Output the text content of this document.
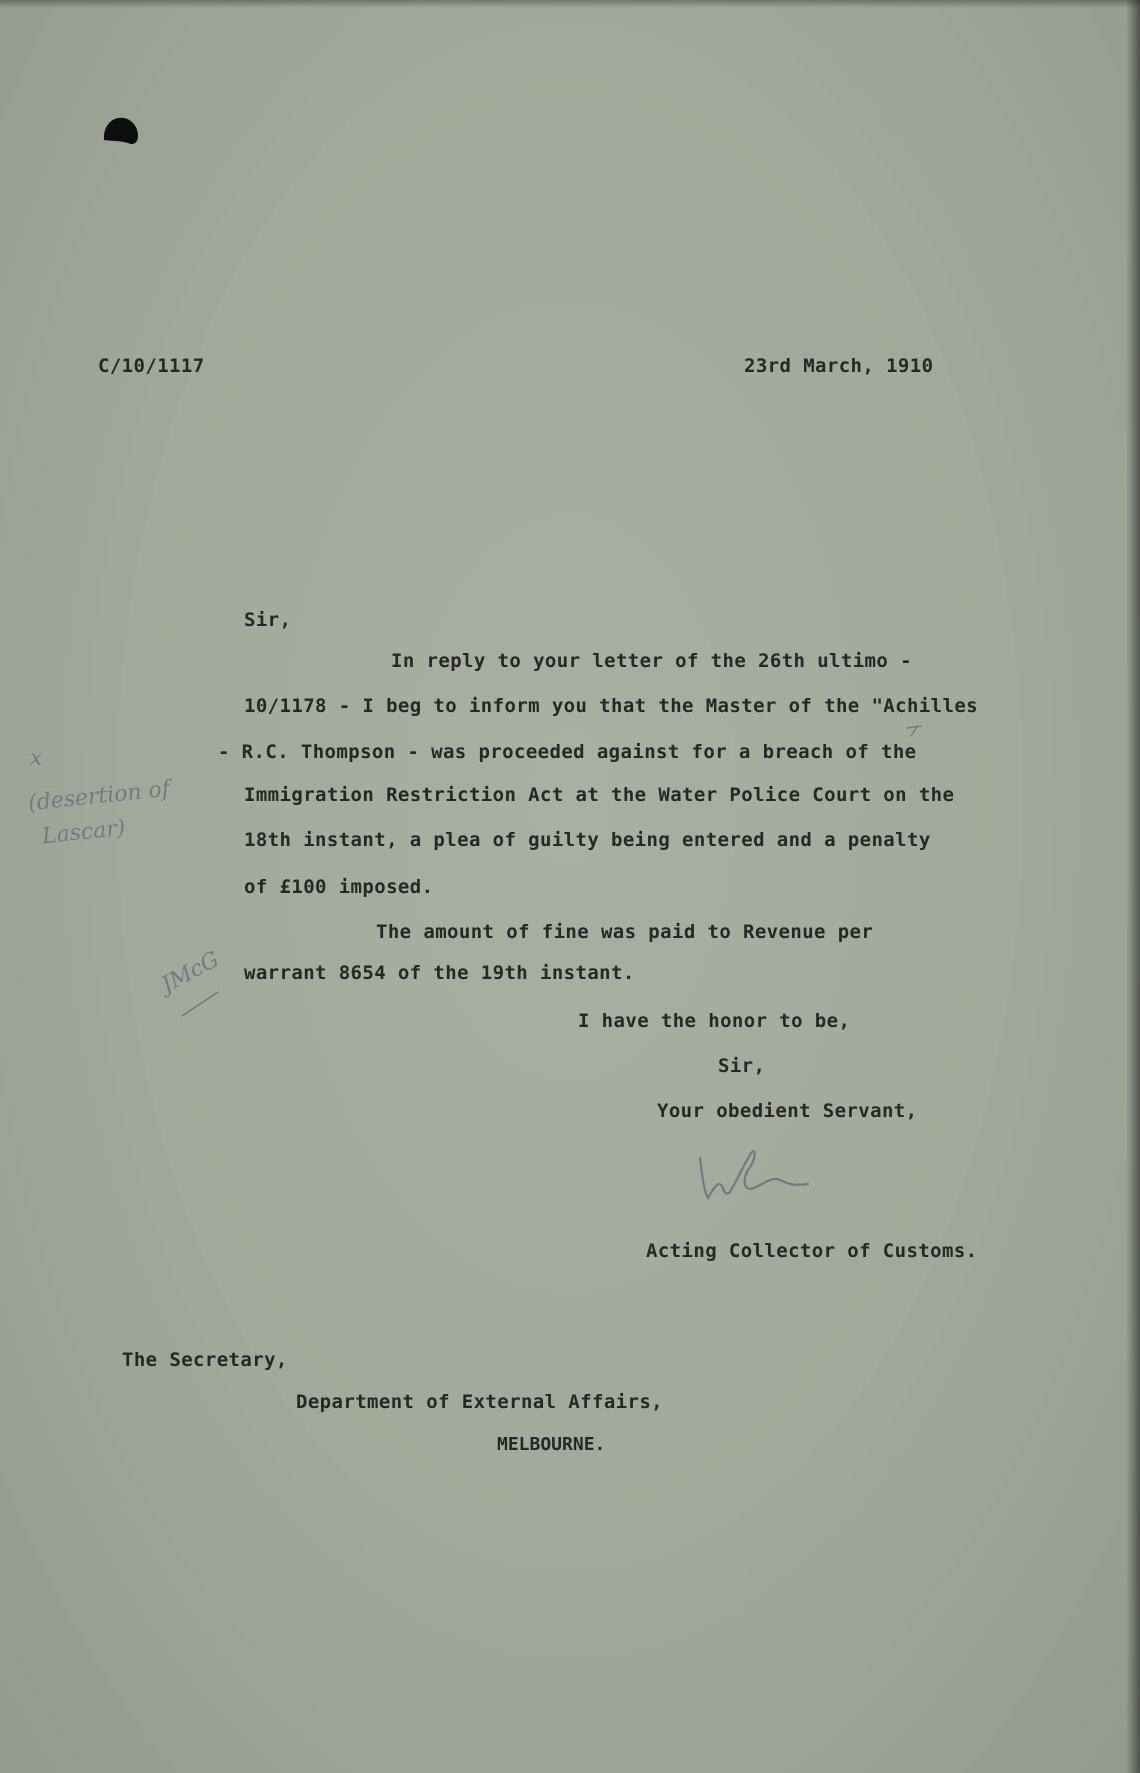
C/10/1117	23rd March, 1910
Sir,
In reply to your letter of the 26th ultimo -
10/1178 - I beg to inform you that the Master of the "Achilles
- R.C. Thompson - was proceeded against for a breach of the
Immigration Restriction Act at the Water Police Court on the
18th instant, a plea of guilty being entered and a penalty
of £100 imposed.
The amount of fine was paid to Revenue per
warrant 8654 of the 19th instant.
I have the honor to be,
Sir,
Your obedient Servant,
Acting Collector of Customs.
The Secretary,
Department of External Affairs,
MELBOURNE.
x
(desertion of
Lascar)
JMcG
